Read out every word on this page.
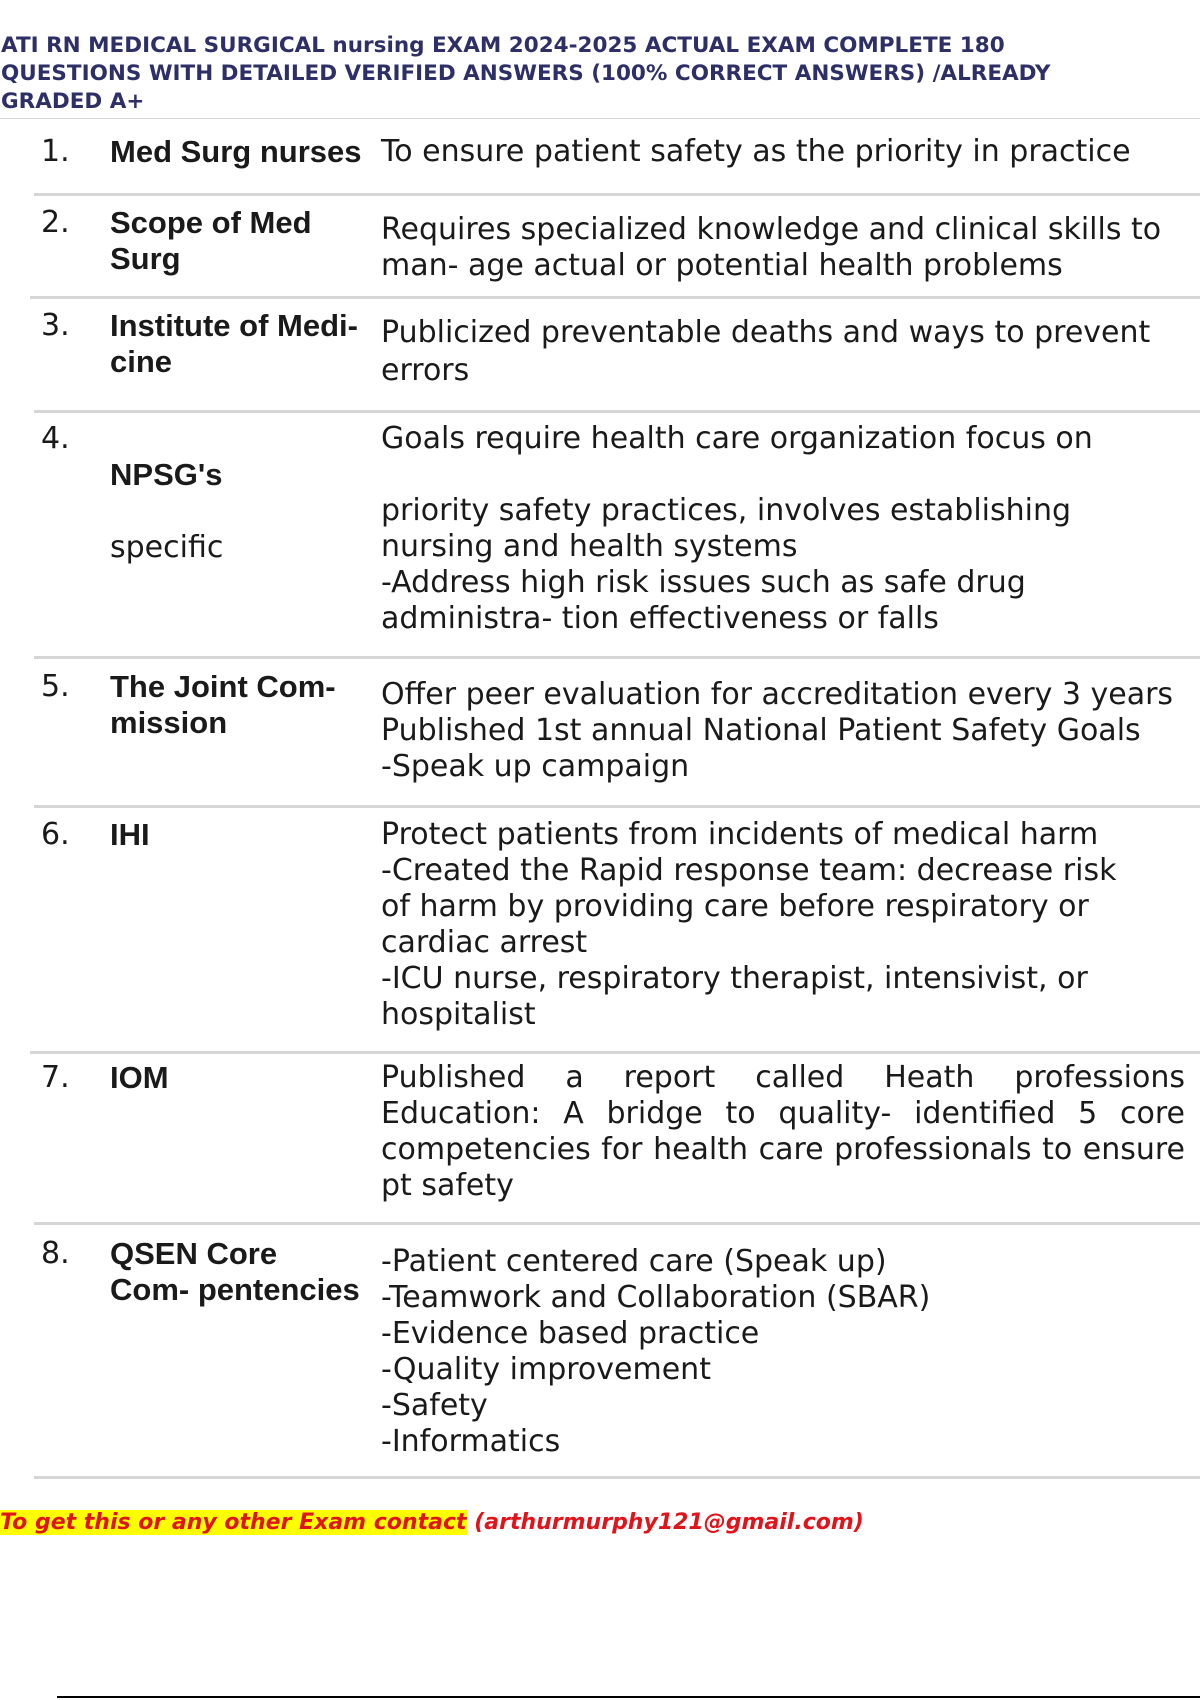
ATI RN MEDICAL SURGICAL nursing EXAM 2024-2025 ACTUAL EXAM COMPLETE 180
QUESTIONS WITH DETAILED VERIFIED ANSWERS (100% CORRECT ANSWERS) /ALREADY
GRADED A+
1. Med Surg nurses To ensure patient safety as the priority in practice
2. Scope of Med
Surg
Requires specialized knowledge and clinical skills to
man- age actual or potential health problems
3. Institute of Medi-
cine
Publicized preventable deaths and ways to prevent
errors
4.

NPSG's

specific

Goals require health care organization focus on
priority safety practices, involves establishing
nursing and health systems
-Address high risk issues such as safe drug
administra- tion effectiveness or falls
5. The Joint Com-
mission
Offer peer evaluation for accreditation every 3 years
Published 1st annual National Patient Safety Goals
-Speak up campaign
6. IHI	Protect patients from incidents of medical harm
-Created the Rapid response team: decrease risk
of harm by providing care before respiratory or
cardiac arrest
-ICU nurse, respiratory therapist, intensivist, or
hospitalist
7. IOM	Published a report called Heath professions Education: A bridge to quality- identified 5 core competencies for health care professionals to ensure pt safety
8. QSEN Core
Com- pentencies
-Patient centered care (Speak up)
-Teamwork and Collaboration (SBAR)
-Evidence based practice
-Quality improvement
-Safety
-Informatics
To get this or any other Exam contact (arthurmurphy121@gmail.com)
